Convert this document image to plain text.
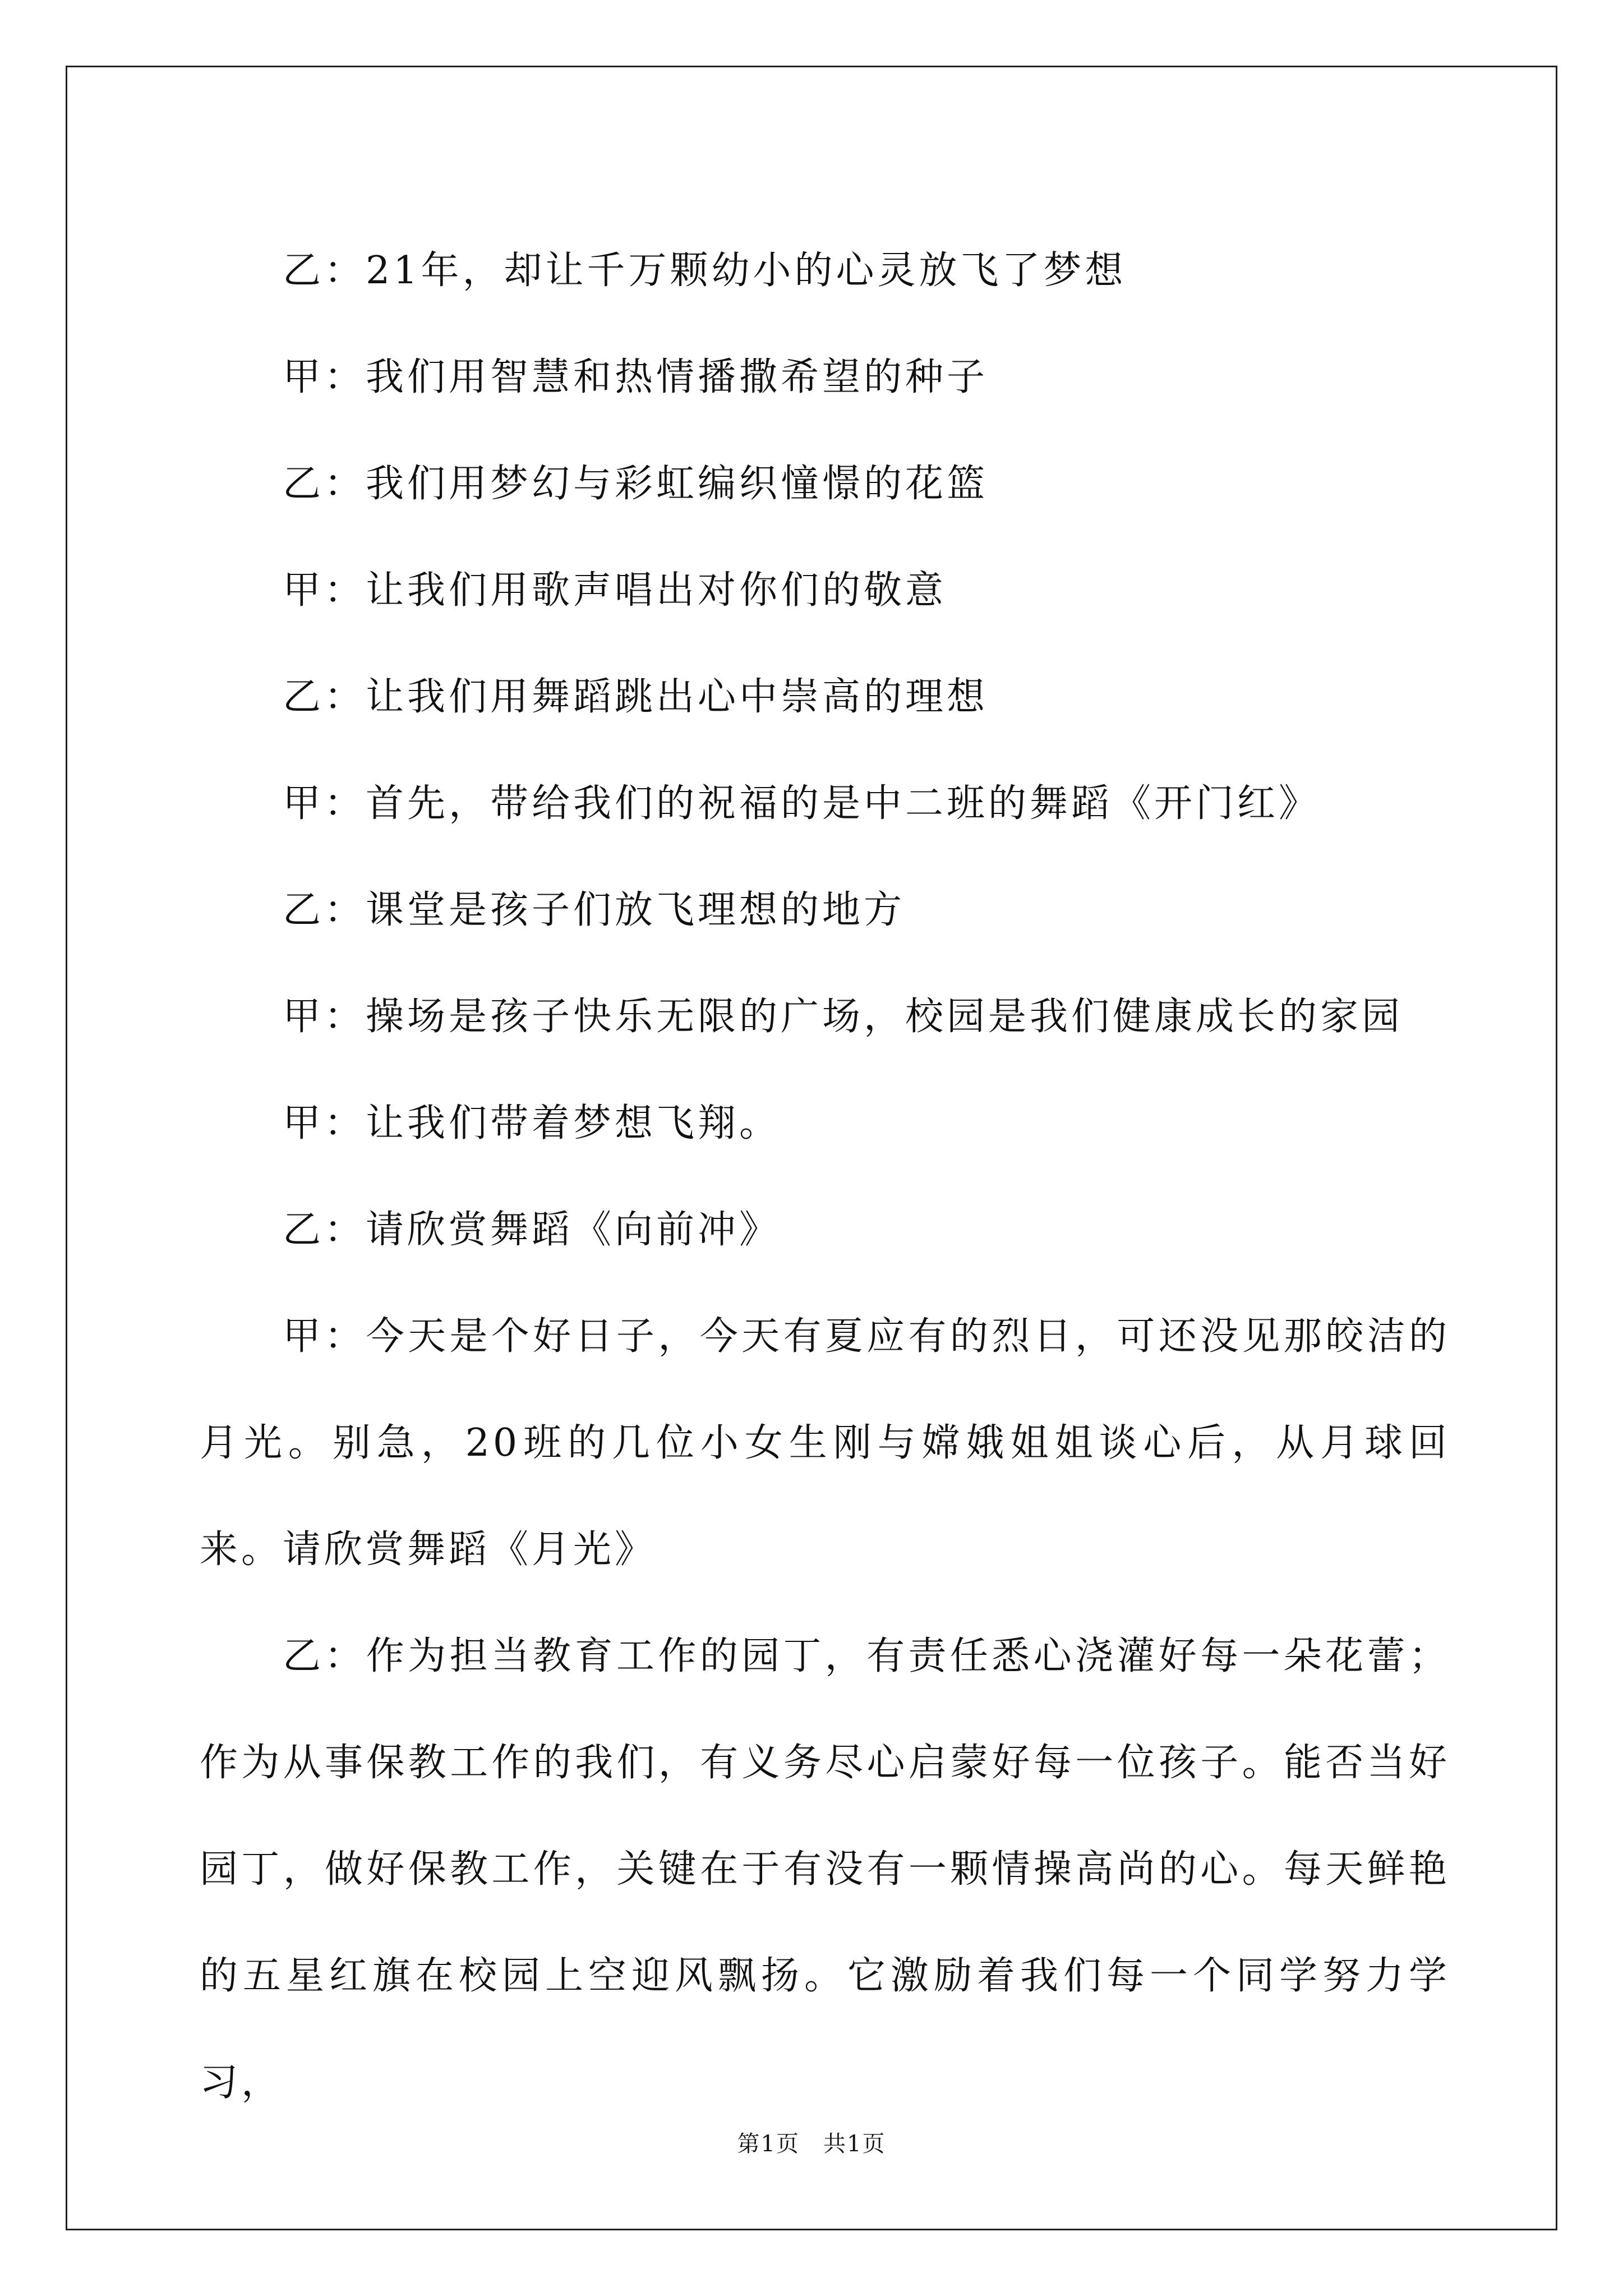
乙：21年，却让千万颗幼小的心灵放飞了梦想

甲：我们用智慧和热情播撒希望的种子

乙：我们用梦幻与彩虹编织憧憬的花篮

甲：让我们用歌声唱出对你们的敬意

乙：让我们用舞蹈跳出心中崇高的理想

甲：首先，带给我们的祝福的是中二班的舞蹈《开门红》

乙：课堂是孩子们放飞理想的地方

甲：操场是孩子快乐无限的广场，校园是我们健康成长的家园

甲：让我们带着梦想飞翔。

乙：请欣赏舞蹈《向前冲》

甲：今天是个好日子，今天有夏应有的烈日，可还没见那皎洁的月光。别急，20班的几位小女生刚与嫦娥姐姐谈心后，从月球回来。请欣赏舞蹈《月光》

乙：作为担当教育工作的园丁，有责任悉心浇灌好每一朵花蕾；作为从事保教工作的我们，有义务尽心启蒙好每一位孩子。能否当好园丁，做好保教工作，关键在于有没有一颗情操高尚的心。每天鲜艳的五星红旗在校园上空迎风飘扬。它激励着我们每一个同学努力学习，

第1页　 共1页
